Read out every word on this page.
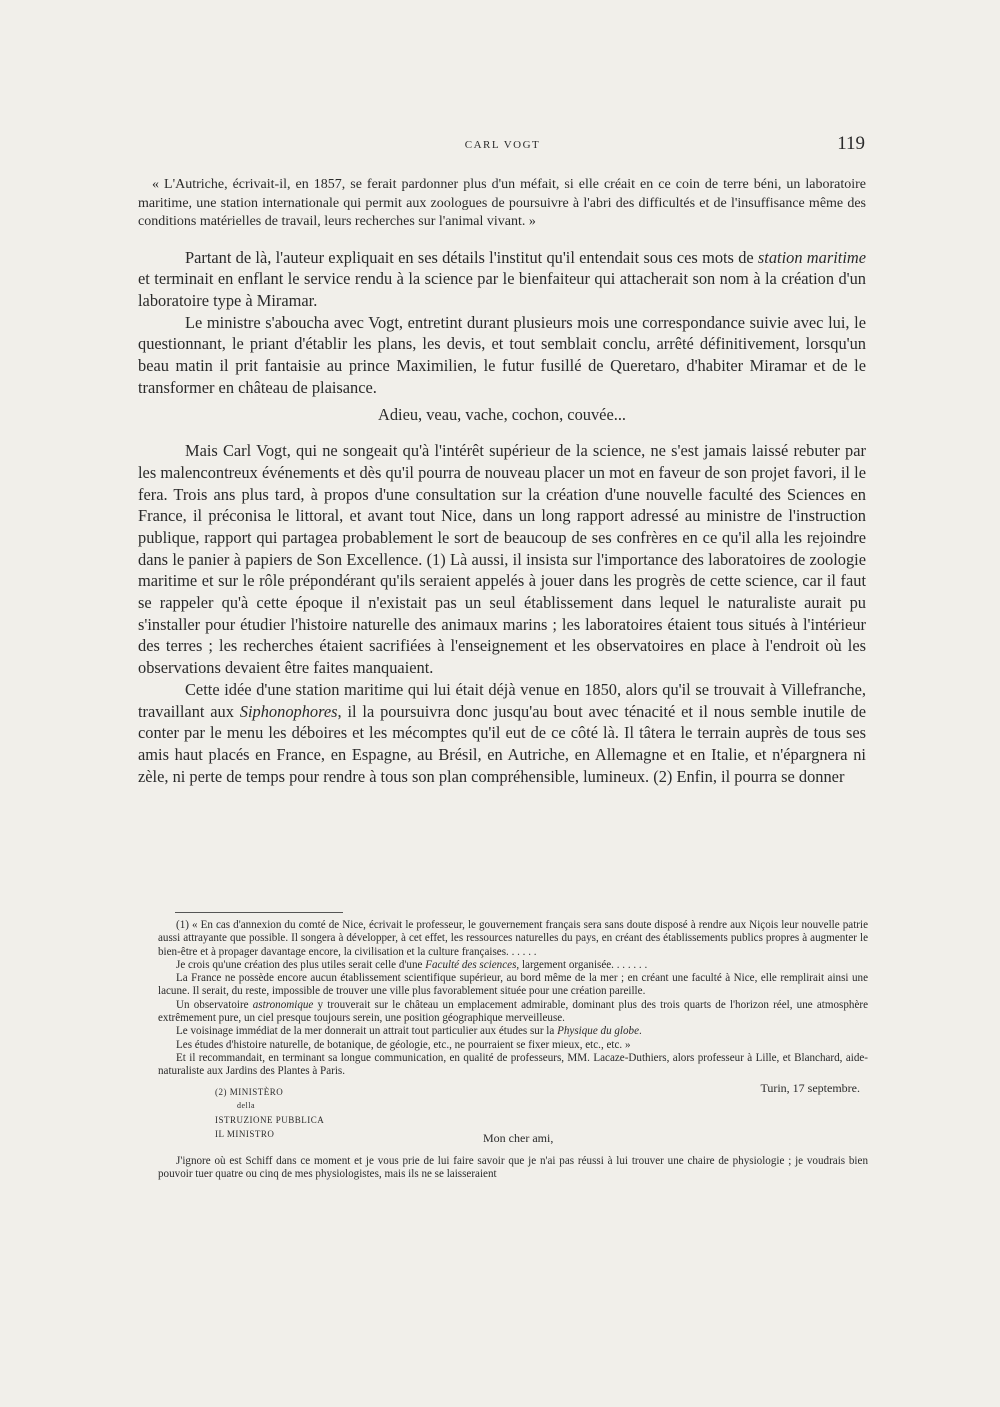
CARL VOGT	119

« L'Autriche, écrivait-il, en 1857, se ferait pardonner plus d'un méfait, si elle créait en ce coin de terre béni, un laboratoire maritime, une station internationale qui permit aux zoologues de poursuivre à l'abri des difficultés et de l'insuffisance même des conditions matérielles de travail, leurs recherches sur l'animal vivant. »

Partant de là, l'auteur expliquait en ses détails l'institut qu'il entendait sous ces mots de station maritime et terminait en enflant le service rendu à la science par le bienfaiteur qui attacherait son nom à la création d'un laboratoire type à Miramar.

Le ministre s'aboucha avec Vogt, entretint durant plusieurs mois une correspondance suivie avec lui, le questionnant, le priant d'établir les plans, les devis, et tout semblait conclu, arrêté définitivement, lorsqu'un beau matin il prit fantaisie au prince Maximilien, le futur fusillé de Queretaro, d'habiter Miramar et de le transformer en château de plaisance.

Adieu, veau, vache, cochon, couvée...

Mais Carl Vogt, qui ne songeait qu'à l'intérêt supérieur de la science, ne s'est jamais laissé rebuter par les malencontreux événements et dès qu'il pourra de nouveau placer un mot en faveur de son projet favori, il le fera. Trois ans plus tard, à propos d'une consultation sur la création d'une nouvelle faculté des Sciences en France, il préconisa le littoral, et avant tout Nice, dans un long rapport adressé au ministre de l'instruction publique, rapport qui partagea probablement le sort de beaucoup de ses confrères en ce qu'il alla les rejoindre dans le panier à papiers de Son Excellence. (1) Là aussi, il insista sur l'importance des laboratoires de zoologie maritime et sur le rôle prépondérant qu'ils seraient appelés à jouer dans les progrès de cette science, car il faut se rappeler qu'à cette époque il n'existait pas un seul établissement dans lequel le naturaliste aurait pu s'installer pour étudier l'histoire naturelle des animaux marins ; les laboratoires étaient tous situés à l'intérieur des terres ; les recherches étaient sacrifiées à l'enseignement et les observatoires en place à l'endroit où les observations devaient être faites manquaient.

Cette idée d'une station maritime qui lui était déjà venue en 1850, alors qu'il se trouvait à Villefranche, travaillant aux Siphonophores, il la poursuivra donc jusqu'au bout avec ténacité et il nous semble inutile de conter par le menu les déboires et les mécomptes qu'il eut de ce côté là. Il tâtera le terrain auprès de tous ses amis haut placés en France, en Espagne, au Brésil, en Autriche, en Allemagne et en Italie, et n'épargnera ni zèle, ni perte de temps pour rendre à tous son plan compréhensible, lumineux. (2) Enfin, il pourra se donner

(1) « En cas d'annexion du comté de Nice, écrivait le professeur, le gouvernement français sera sans doute disposé à rendre aux Niçois leur nouvelle patrie aussi attrayante que possible. Il songera à développer, à cet effet, les ressources naturelles du pays, en créant des établissements publics propres à augmenter le bien-être et à propager davantage encore, la civilisation et la culture françaises. . . . . .

Je crois qu'une création des plus utiles serait celle d'une Faculté des sciences, largement organisée. . . . . . .

La France ne possède encore aucun établissement scientifique supérieur, au bord même de la mer ; en créant une faculté à Nice, elle remplirait ainsi une lacune. Il serait, du reste, impossible de trouver une ville plus favorablement située pour une création pareille.

Un observatoire astronomique y trouverait sur le château un emplacement admirable, dominant plus des trois quarts de l'horizon réel, une atmosphère extrêmement pure, un ciel presque toujours serein, une position géographique merveilleuse.

Le voisinage immédiat de la mer donnerait un attrait tout particulier aux études sur la Physique du globe.

Les études d'histoire naturelle, de botanique, de géologie, etc., ne pourraient se fixer mieux, etc., etc. »

Et il recommandait, en terminant sa longue communication, en qualité de professeurs, MM. Lacaze-Duthiers, alors professeur à Lille, et Blanchard, aide-naturaliste aux Jardins des Plantes à Paris.

(2) MINISTÈRO
della
ISTRUZIONE PUBBLICA
IL MINISTRO
Turin, 17 septembre.
Mon cher ami,

J'ignore où est Schiff dans ce moment et je vous prie de lui faire savoir que je n'ai pas réussi à lui trouver une chaire de physiologie ; je voudrais bien pouvoir tuer quatre ou cinq de mes physiologistes, mais ils ne se laisseraient
